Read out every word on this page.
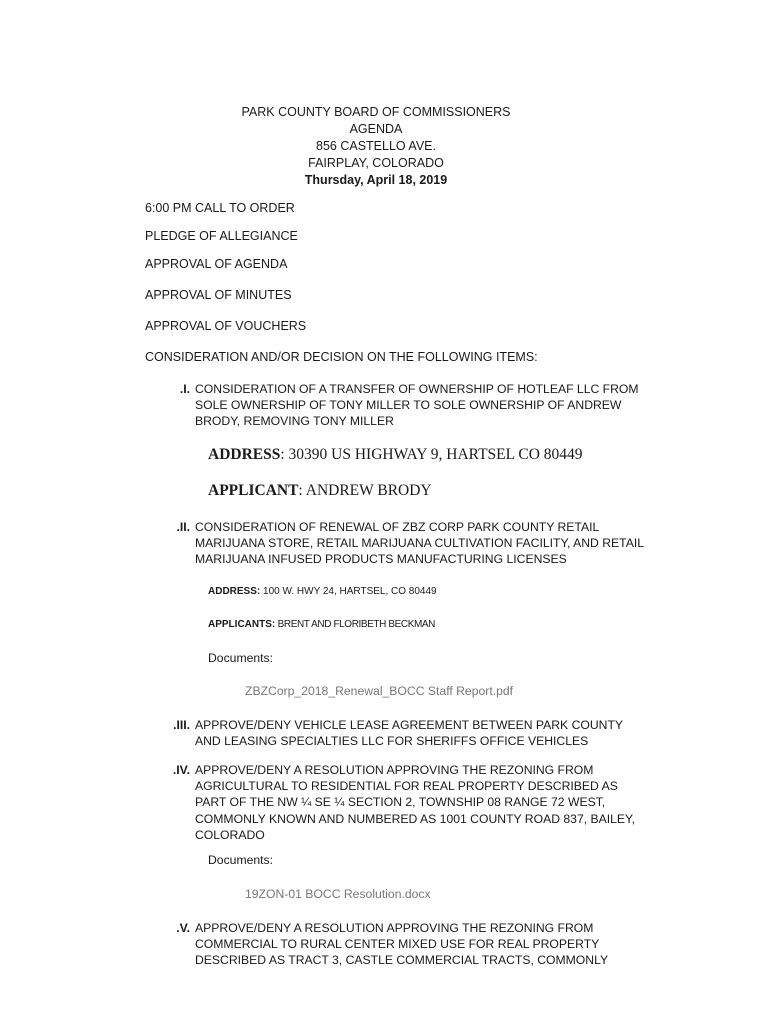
PARK COUNTY BOARD OF COMMISSIONERS
AGENDA
856 CASTELLO AVE.
FAIRPLAY, COLORADO
Thursday, April 18, 2019
6:00 PM CALL TO ORDER
PLEDGE OF ALLEGIANCE
APPROVAL OF AGENDA
APPROVAL OF MINUTES
APPROVAL OF VOUCHERS
CONSIDERATION AND/OR DECISION ON THE FOLLOWING ITEMS:
.I. CONSIDERATION OF A TRANSFER OF OWNERSHIP OF HOTLEAF LLC FROM SOLE OWNERSHIP OF TONY MILLER TO SOLE OWNERSHIP OF ANDREW BRODY, REMOVING TONY MILLER
ADDRESS: 30390 US HIGHWAY 9, HARTSEL CO 80449
APPLICANT: ANDREW BRODY
.II. CONSIDERATION OF RENEWAL OF ZBZ CORP PARK COUNTY RETAIL MARIJUANA STORE, RETAIL MARIJUANA CULTIVATION FACILITY, AND RETAIL MARIJUANA INFUSED PRODUCTS MANUFACTURING LICENSES
ADDRESS: 100 W. HWY 24, HARTSEL, CO 80449
APPLICANTS: BRENT AND FLORIBETH BECKMAN
Documents:
ZBZCorp_2018_Renewal_BOCC Staff Report.pdf
.III. APPROVE/DENY VEHICLE LEASE AGREEMENT BETWEEN PARK COUNTY AND LEASING SPECIALTIES LLC FOR SHERIFFS OFFICE VEHICLES
.IV. APPROVE/DENY A RESOLUTION APPROVING THE REZONING FROM AGRICULTURAL TO RESIDENTIAL FOR REAL PROPERTY DESCRIBED AS PART OF THE NW ¼ SE ¼ SECTION 2, TOWNSHIP 08 RANGE 72 WEST, COMMONLY KNOWN AND NUMBERED AS 1001 COUNTY ROAD 837, BAILEY, COLORADO
Documents:
19ZON-01 BOCC Resolution.docx
.V. APPROVE/DENY A RESOLUTION APPROVING THE REZONING FROM COMMERCIAL TO RURAL CENTER MIXED USE FOR REAL PROPERTY DESCRIBED AS TRACT 3, CASTLE COMMERCIAL TRACTS, COMMONLY
